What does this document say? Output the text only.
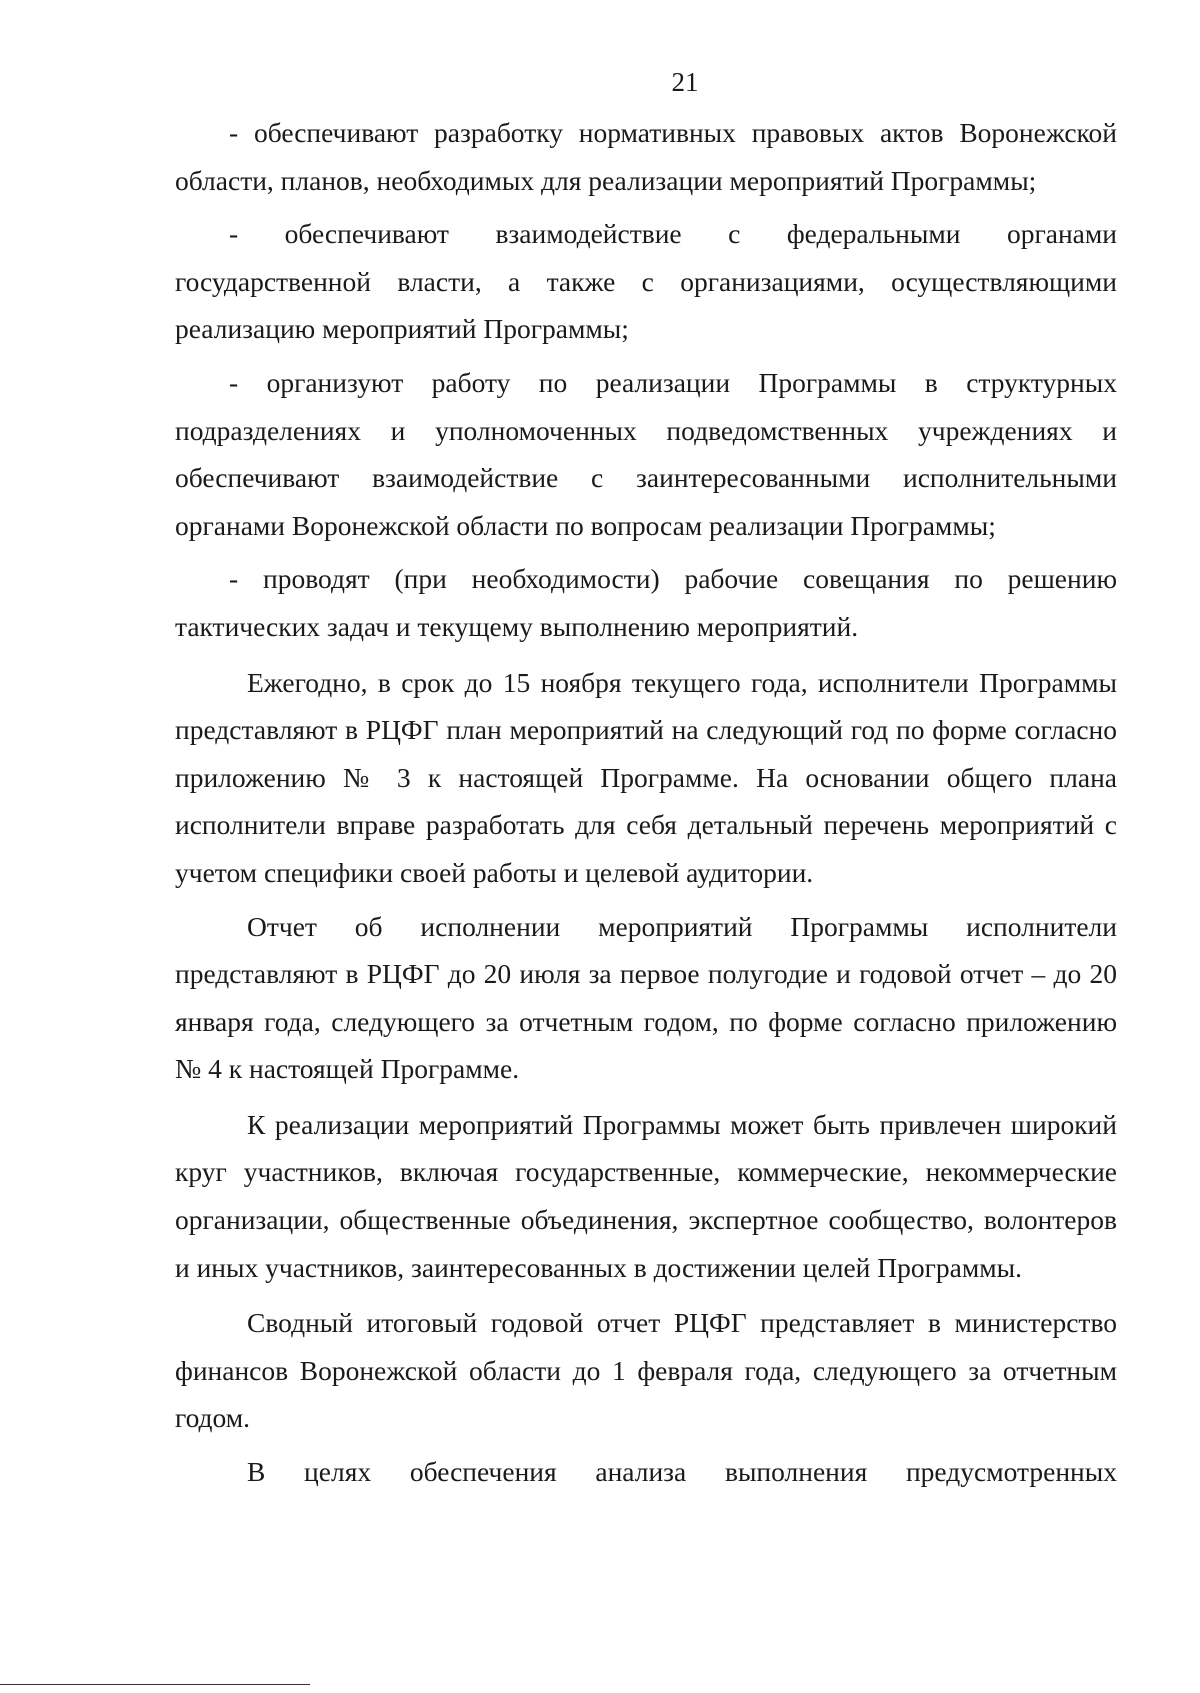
21

- обеспечивают разработку нормативных правовых актов Воронежской области, планов, необходимых для реализации мероприятий Программы;

- обеспечивают взаимодействие с федеральными органами государственной власти, а также с организациями, осуществляющими реализацию мероприятий Программы;

- организуют работу по реализации Программы в структурных подразделениях и уполномоченных подведомственных учреждениях и обеспечивают взаимодействие с заинтересованными исполнительными органами Воронежской области по вопросам реализации Программы;

- проводят (при необходимости) рабочие совещания по решению тактических задач и текущему выполнению мероприятий.

Ежегодно, в срок до 15 ноября текущего года, исполнители Программы представляют в РЦФГ план мероприятий на следующий год по форме согласно приложению № 3 к настоящей Программе. На основании общего плана исполнители вправе разработать для себя детальный перечень мероприятий с учетом специфики своей работы и целевой аудитории.

Отчет об исполнении мероприятий Программы исполнители представляют в РЦФГ до 20 июля за первое полугодие и годовой отчет – до 20 января года, следующего за отчетным годом, по форме согласно приложению № 4 к настоящей Программе.

К реализации мероприятий Программы может быть привлечен широкий круг участников, включая государственные, коммерческие, некоммерческие организации, общественные объединения, экспертное сообщество, волонтеров и иных участников, заинтересованных в достижении целей Программы.

Сводный итоговый годовой отчет РЦФГ представляет в министерство финансов Воронежской области до 1 февраля года, следующего за отчетным годом.

В целях обеспечения анализа выполнения предусмотренных
